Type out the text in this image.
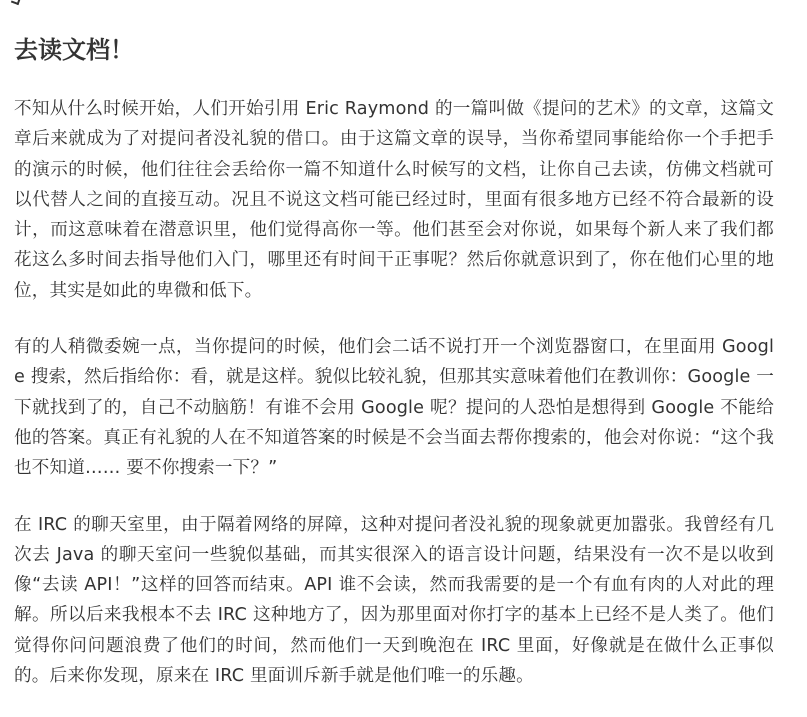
去读文档！

不知从什么时候开始，人们开始引用 Eric Raymond 的一篇叫做《提问的艺术》的文章，这篇文章后来就成为了对提问者没礼貌的借口。由于这篇文章的误导，当你希望同事能给你一个手把手的演示的时候，他们往往会丢给你一篇不知道什么时候写的文档，让你自己去读，仿佛文档就可以代替人之间的直接互动。况且不说这文档可能已经过时，里面有很多地方已经不符合最新的设计，而这意味着在潜意识里，他们觉得高你一等。他们甚至会对你说，如果每个新人来了我们都花这么多时间去指导他们入门，哪里还有时间干正事呢？然后你就意识到了，你在他们心里的地位，其实是如此的卑微和低下。

有的人稍微委婉一点，当你提问的时候，他们会二话不说打开一个浏览器窗口，在里面用 Google 搜索，然后指给你：看，就是这样。貌似比较礼貌，但那其实意味着他们在教训你：Google 一下就找到了的，自己不动脑筋！有谁不会用 Google 呢？提问的人恐怕是想得到 Google 不能给他的答案。真正有礼貌的人在不知道答案的时候是不会当面去帮你搜索的，他会对你说：“这个我也不知道…… 要不你搜索一下？”

在 IRC 的聊天室里，由于隔着网络的屏障，这种对提问者没礼貌的现象就更加嚣张。我曾经有几次去 Java 的聊天室问一些貌似基础，而其实很深入的语言设计问题，结果没有一次不是以收到像“去读 API！”这样的回答而结束。API 谁不会读，然而我需要的是一个有血有肉的人对此的理解。所以后来我根本不去 IRC 这种地方了，因为那里面对你打字的基本上已经不是人类了。他们觉得你问问题浪费了他们的时间，然而他们一天到晚泡在 IRC 里面，好像就是在做什么正事似的。后来你发现，原来在 IRC 里面训斥新手就是他们唯一的乐趣。
